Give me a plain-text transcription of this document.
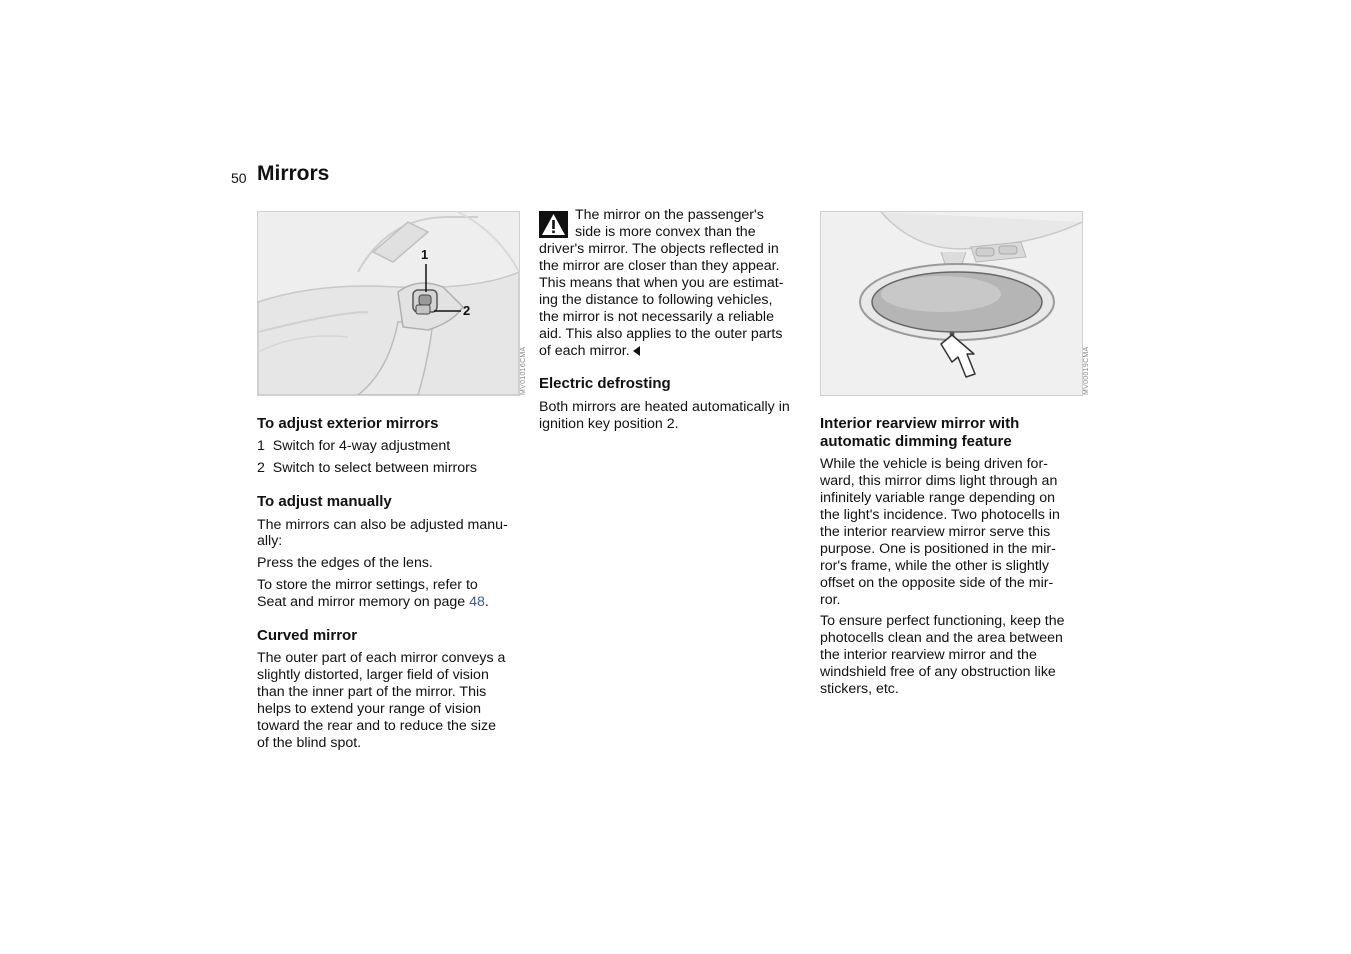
50 Mirrors
1
2
MV01016CMA
To adjust exterior mirrors

1  Switch for 4-way adjustment

2  Switch to select between mirrors

To adjust manually

The mirrors can also be adjusted manu-

ally:

Press the edges of the lens.

To store the mirror settings, refer to

Seat and mirror memory on page 48.

Curved mirror

The outer part of each mirror conveys a

slightly distorted, larger field of vision

than the inner part of the mirror. This

helps to extend your range of vision

toward the rear and to reduce the size

of the blind spot.

The mirror on the passenger's

side is more convex than the

driver's mirror. The objects reflected in

the mirror are closer than they appear.

This means that when you are estimat-

ing the distance to following vehicles,

the mirror is not necessarily a reliable

aid. This also applies to the outer parts

of each mirror.

Electric defrosting

Both mirrors are heated automatically in

ignition key position 2.

MV00019CMA
Interior rearview mirror with
automatic dimming feature

While the vehicle is being driven for-

ward, this mirror dims light through an

infinitely variable range depending on

the light's incidence. Two photocells in

the interior rearview mirror serve this

purpose. One is positioned in the mir-

ror's frame, while the other is slightly

offset on the opposite side of the mir-

ror.

To ensure perfect functioning, keep the

photocells clean and the area between

the interior rearview mirror and the

windshield free of any obstruction like

stickers, etc.
